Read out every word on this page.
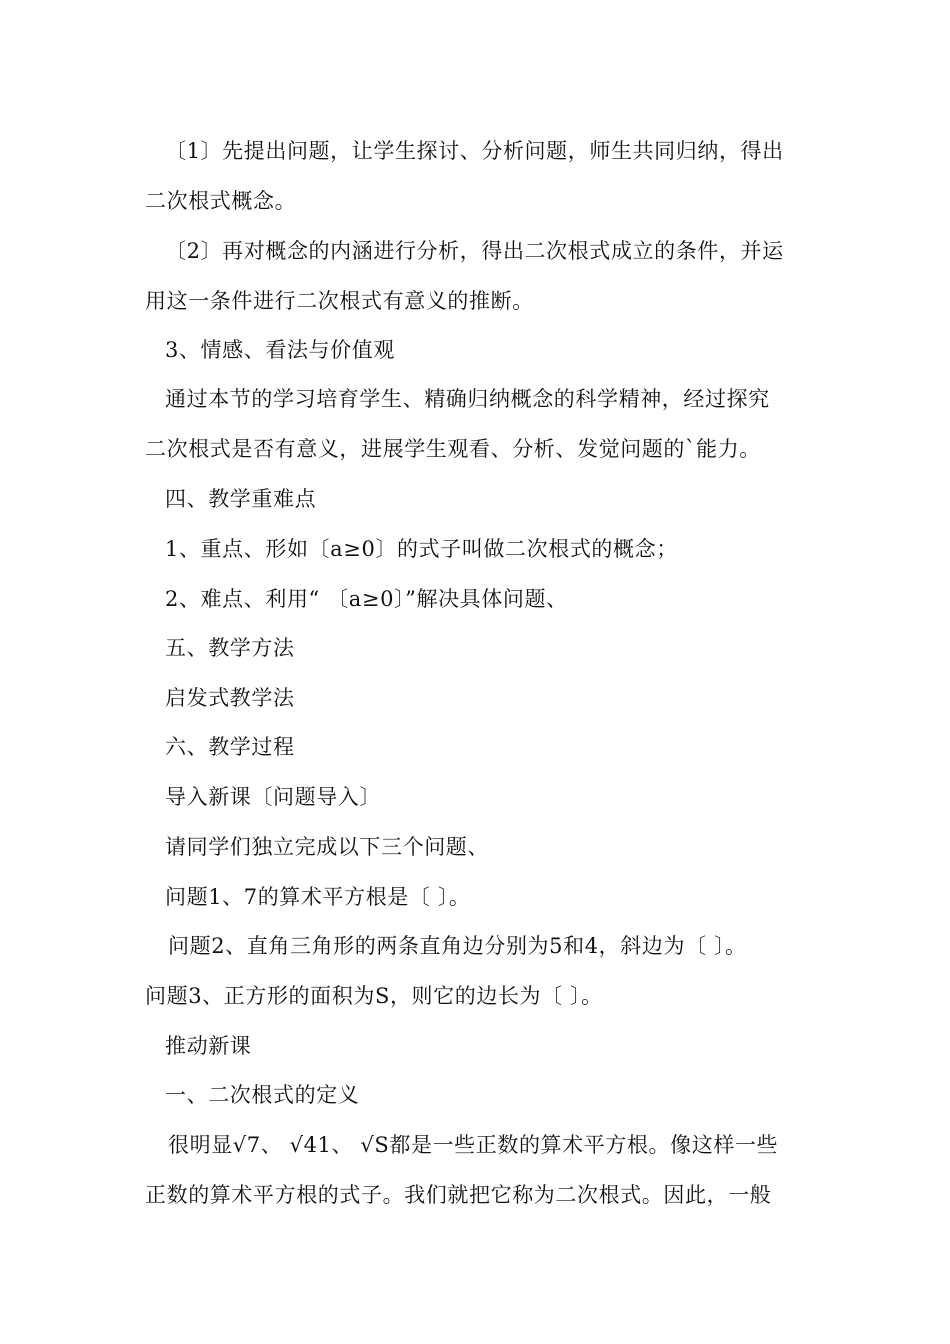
〔1〕先提出问题，让学生探讨、分析问题，师生共同归纳，得出
二次根式概念。
〔2〕再对概念的内涵进行分析，得出二次根式成立的条件，并运
用这一条件进行二次根式有意义的推断。
3、情感、看法与价值观
通过本节的学习培育学生、精确归纳概念的科学精神，经过探究
二次根式是否有意义，进展学生观看、分析、发觉问题的`能力。
四、教学重难点
1、重点、形如〔a≥0〕的式子叫做二次根式的概念；
2、难点、利用“ 〔a≥0〕”解决具体问题、
五、教学方法
启发式教学法
六、教学过程
导入新课〔问题导入〕
请同学们独立完成以下三个问题、
问题1、7的算术平方根是〔 〕。
问题2、直角三角形的两条直角边分别为5和4，斜边为〔 〕。
问题3、正方形的面积为S，则它的边长为〔 〕。
推动新课
一、二次根式的定义
很明显√7、 √41、 √S都是一些正数的算术平方根。像这样一些
正数的算术平方根的式子。我们就把它称为二次根式。因此，一般
